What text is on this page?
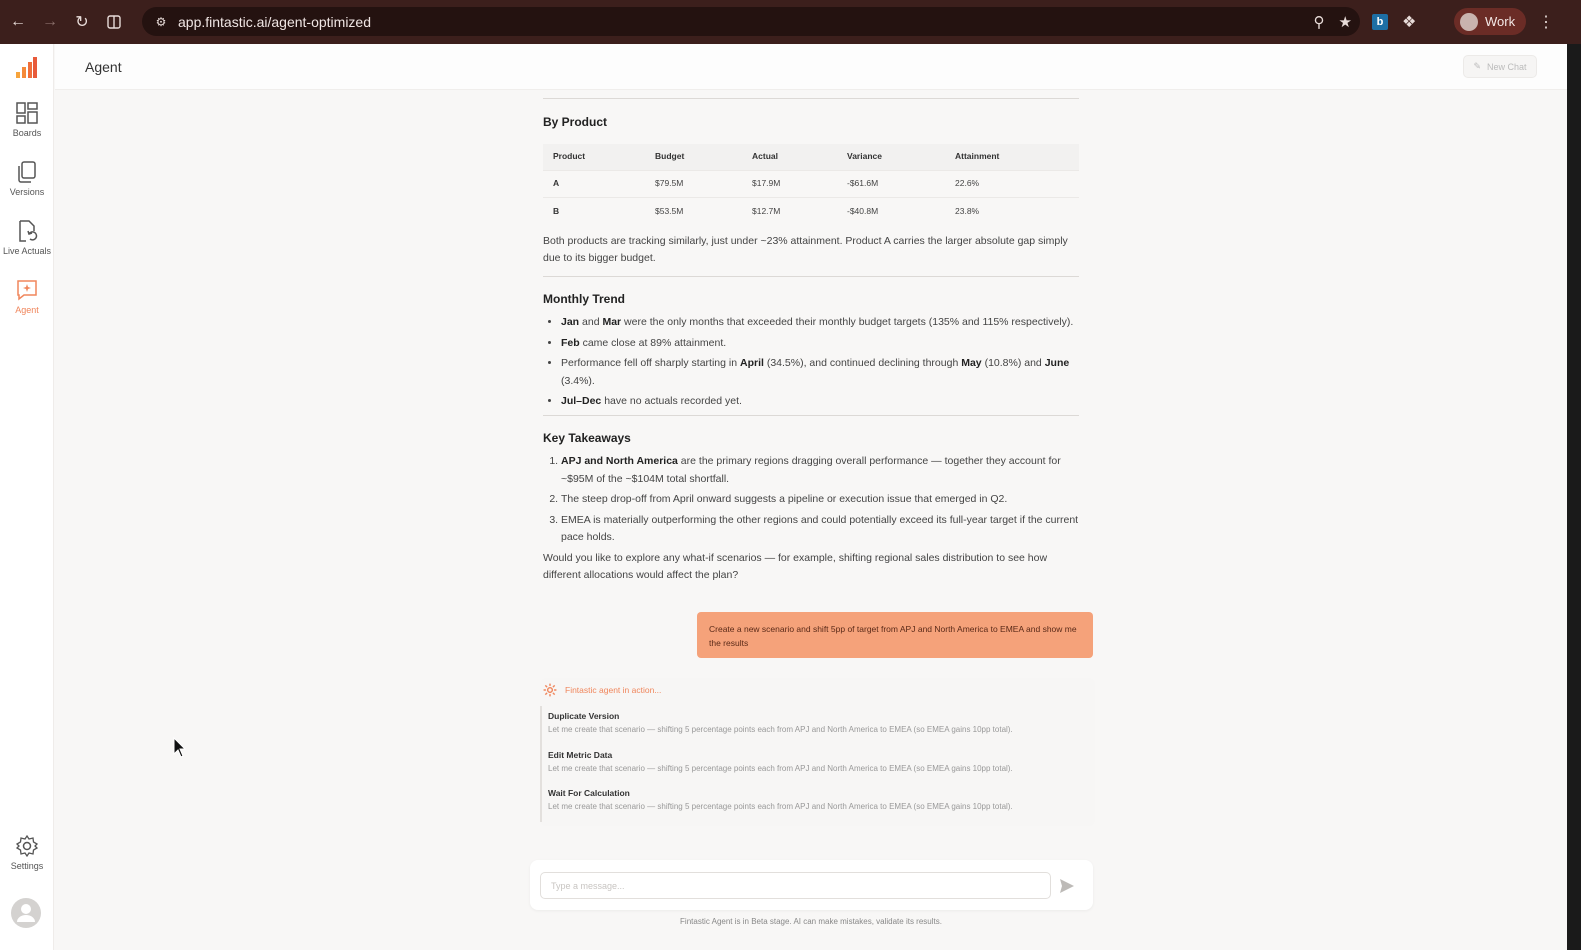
←	→	↻	⚙ app.fintastic.ai/agent-optimized	⚲ ★	b ❖	Work ⋮
Boards
Versions
Live Actuals
Agent
Settings
Agent	✎ New Chat
By Product
Product	Budget	Actual	Variance	Attainment
A	$79.5M	$17.9M	-$61.6M	22.6%
B	$53.5M	$12.7M	-$40.8M	23.8%

Both products are tracking similarly, just under ~23% attainment. Product A carries the larger absolute gap simply due to its bigger budget.

Monthly Trend
• Jan and Mar were the only months that exceeded their monthly budget targets (135% and 115% respectively).
• Feb came close at 89% attainment.
• Performance fell off sharply starting in April (34.5%), and continued declining through May (10.8%) and June (3.4%).
• Jul–Dec have no actuals recorded yet.
Key Takeaways
1. APJ and North America are the primary regions dragging overall performance — together they account for ~$95M of the ~$104M total shortfall.
2. The steep drop-off from April onward suggests a pipeline or execution issue that emerged in Q2.
3. EMEA is materially outperforming the other regions and could potentially exceed its full-year target if the current pace holds.

Would you like to explore any what-if scenarios — for example, shifting regional sales distribution to see how different allocations would affect the plan?

Create a new scenario and shift 5pp of target from APJ and North America to EMEA and show me the results
Fintastic agent in action...
Duplicate Version
Let me create that scenario — shifting 5 percentage points each from APJ and North America to EMEA (so EMEA gains 10pp total).
Edit Metric Data
Let me create that scenario — shifting 5 percentage points each from APJ and North America to EMEA (so EMEA gains 10pp total).
Wait For Calculation
Let me create that scenario — shifting 5 percentage points each from APJ and North America to EMEA (so EMEA gains 10pp total).
Type a message...
Fintastic Agent is in Beta stage. AI can make mistakes, validate its results.
